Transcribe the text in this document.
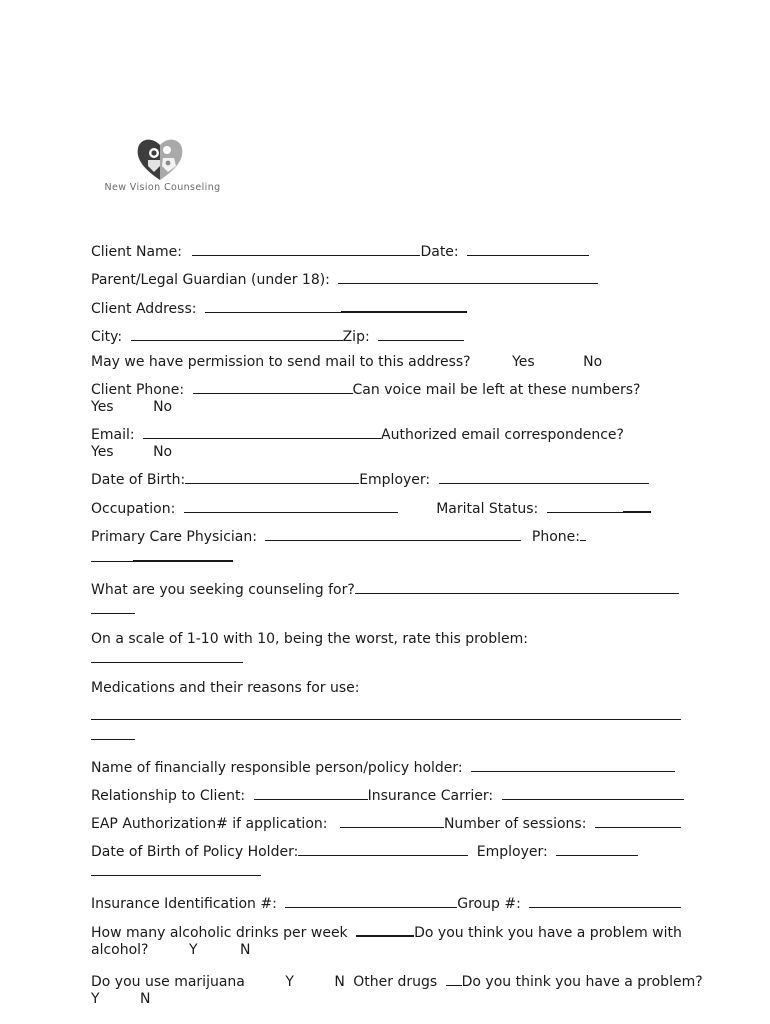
New Vision Counseling
Client Name:	Date:
Parent/Legal Guardian (under 18):
Client Address:
City:	Zip:
May we have permission to send mail to this address?	Yes	No
Client Phone:	Can voice mail be left at these numbers?
Yes	No
Email:	Authorized email correspondence?
Yes	No
Date of Birth:	Employer:
Occupation:	Marital Status:
Primary Care Physician:	Phone:
What are you seeking counseling for?
On a scale of 1-10 with 10, being the worst, rate this problem:
Medications and their reasons for use:
Name of financially responsible person/policy holder:
Relationship to Client:	Insurance Carrier:
EAP Authorization# if application:	Number of sessions:
Date of Birth of Policy Holder:	Employer:
Insurance Identification #:	Group #:
How many alcoholic drinks per week	Do you think you have a problem with
alcohol?	Y	N
Do you use marijuana	Y	N Other drugs Do you think you have a problem?
Y	N
